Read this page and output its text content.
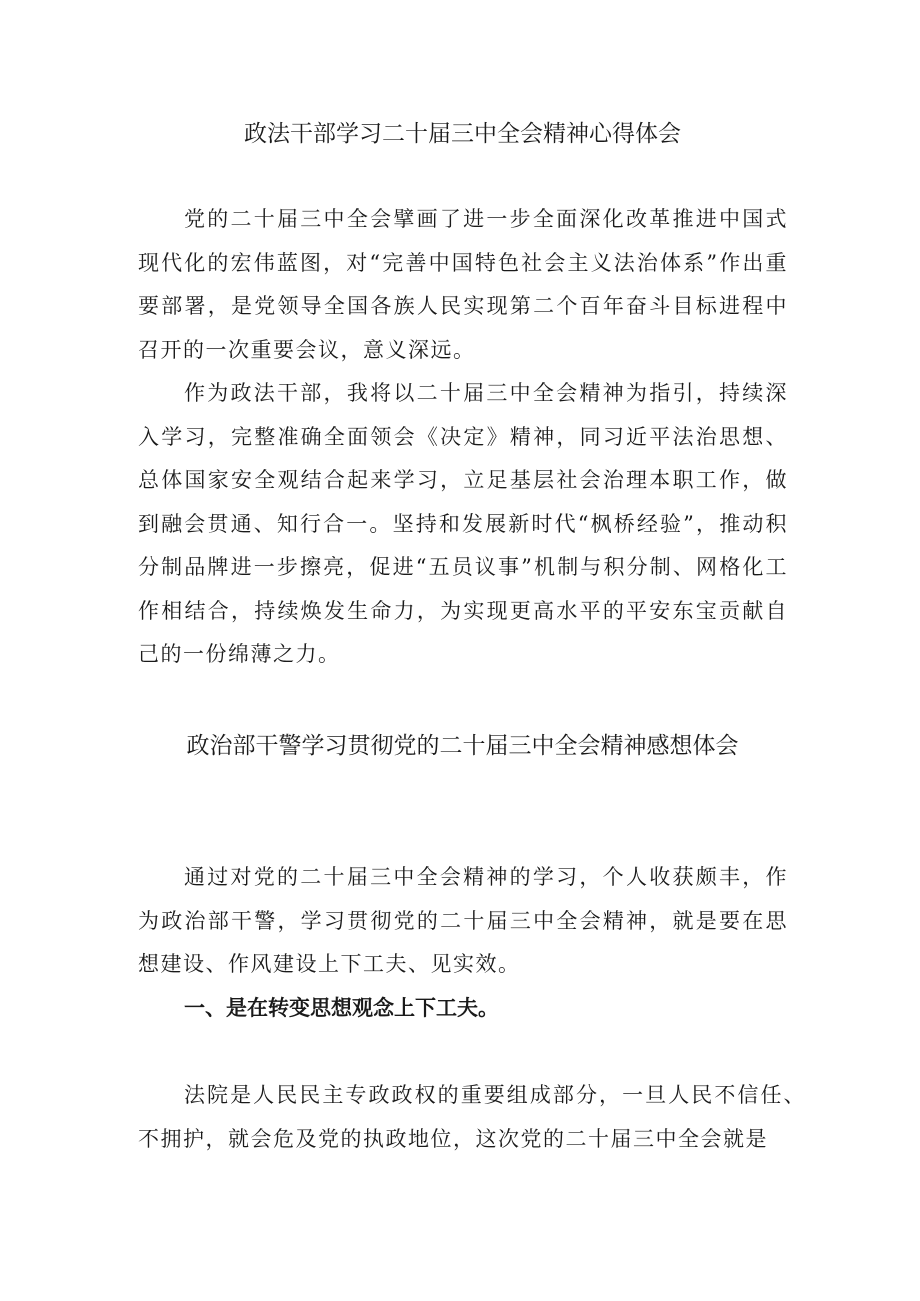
政法干部学习二十届三中全会精神心得体会

党的二十届三中全会擘画了进一步全面深化改革推进中国式现代化的宏伟蓝图，对“完善中国特色社会主义法治体系”作出重要部署，是党领导全国各族人民实现第二个百年奋斗目标进程中召开的一次重要会议，意义深远。

作为政法干部，我将以二十届三中全会精神为指引，持续深入学习，完整准确全面领会《决定》精神，同习近平法治思想、总体国家安全观结合起来学习，立足基层社会治理本职工作，做到融会贯通、知行合一。坚持和发展新时代“枫桥经验”，推动积分制品牌进一步擦亮，促进“五员议事”机制与积分制、网格化工作相结合，持续焕发生命力，为实现更高水平的平安东宝贡献自己的一份绵薄之力。

政治部干警学习贯彻党的二十届三中全会精神感想体会

通过对党的二十届三中全会精神的学习，个人收获颇丰，作为政治部干警，学习贯彻党的二十届三中全会精神，就是要在思想建设、作风建设上下工夫、见实效。

一、是在转变思想观念上下工夫。

法院是人民民主专政政权的重要组成部分，一旦人民不信任、不拥护，就会危及党的执政地位，这次党的二十届三中全会就是
